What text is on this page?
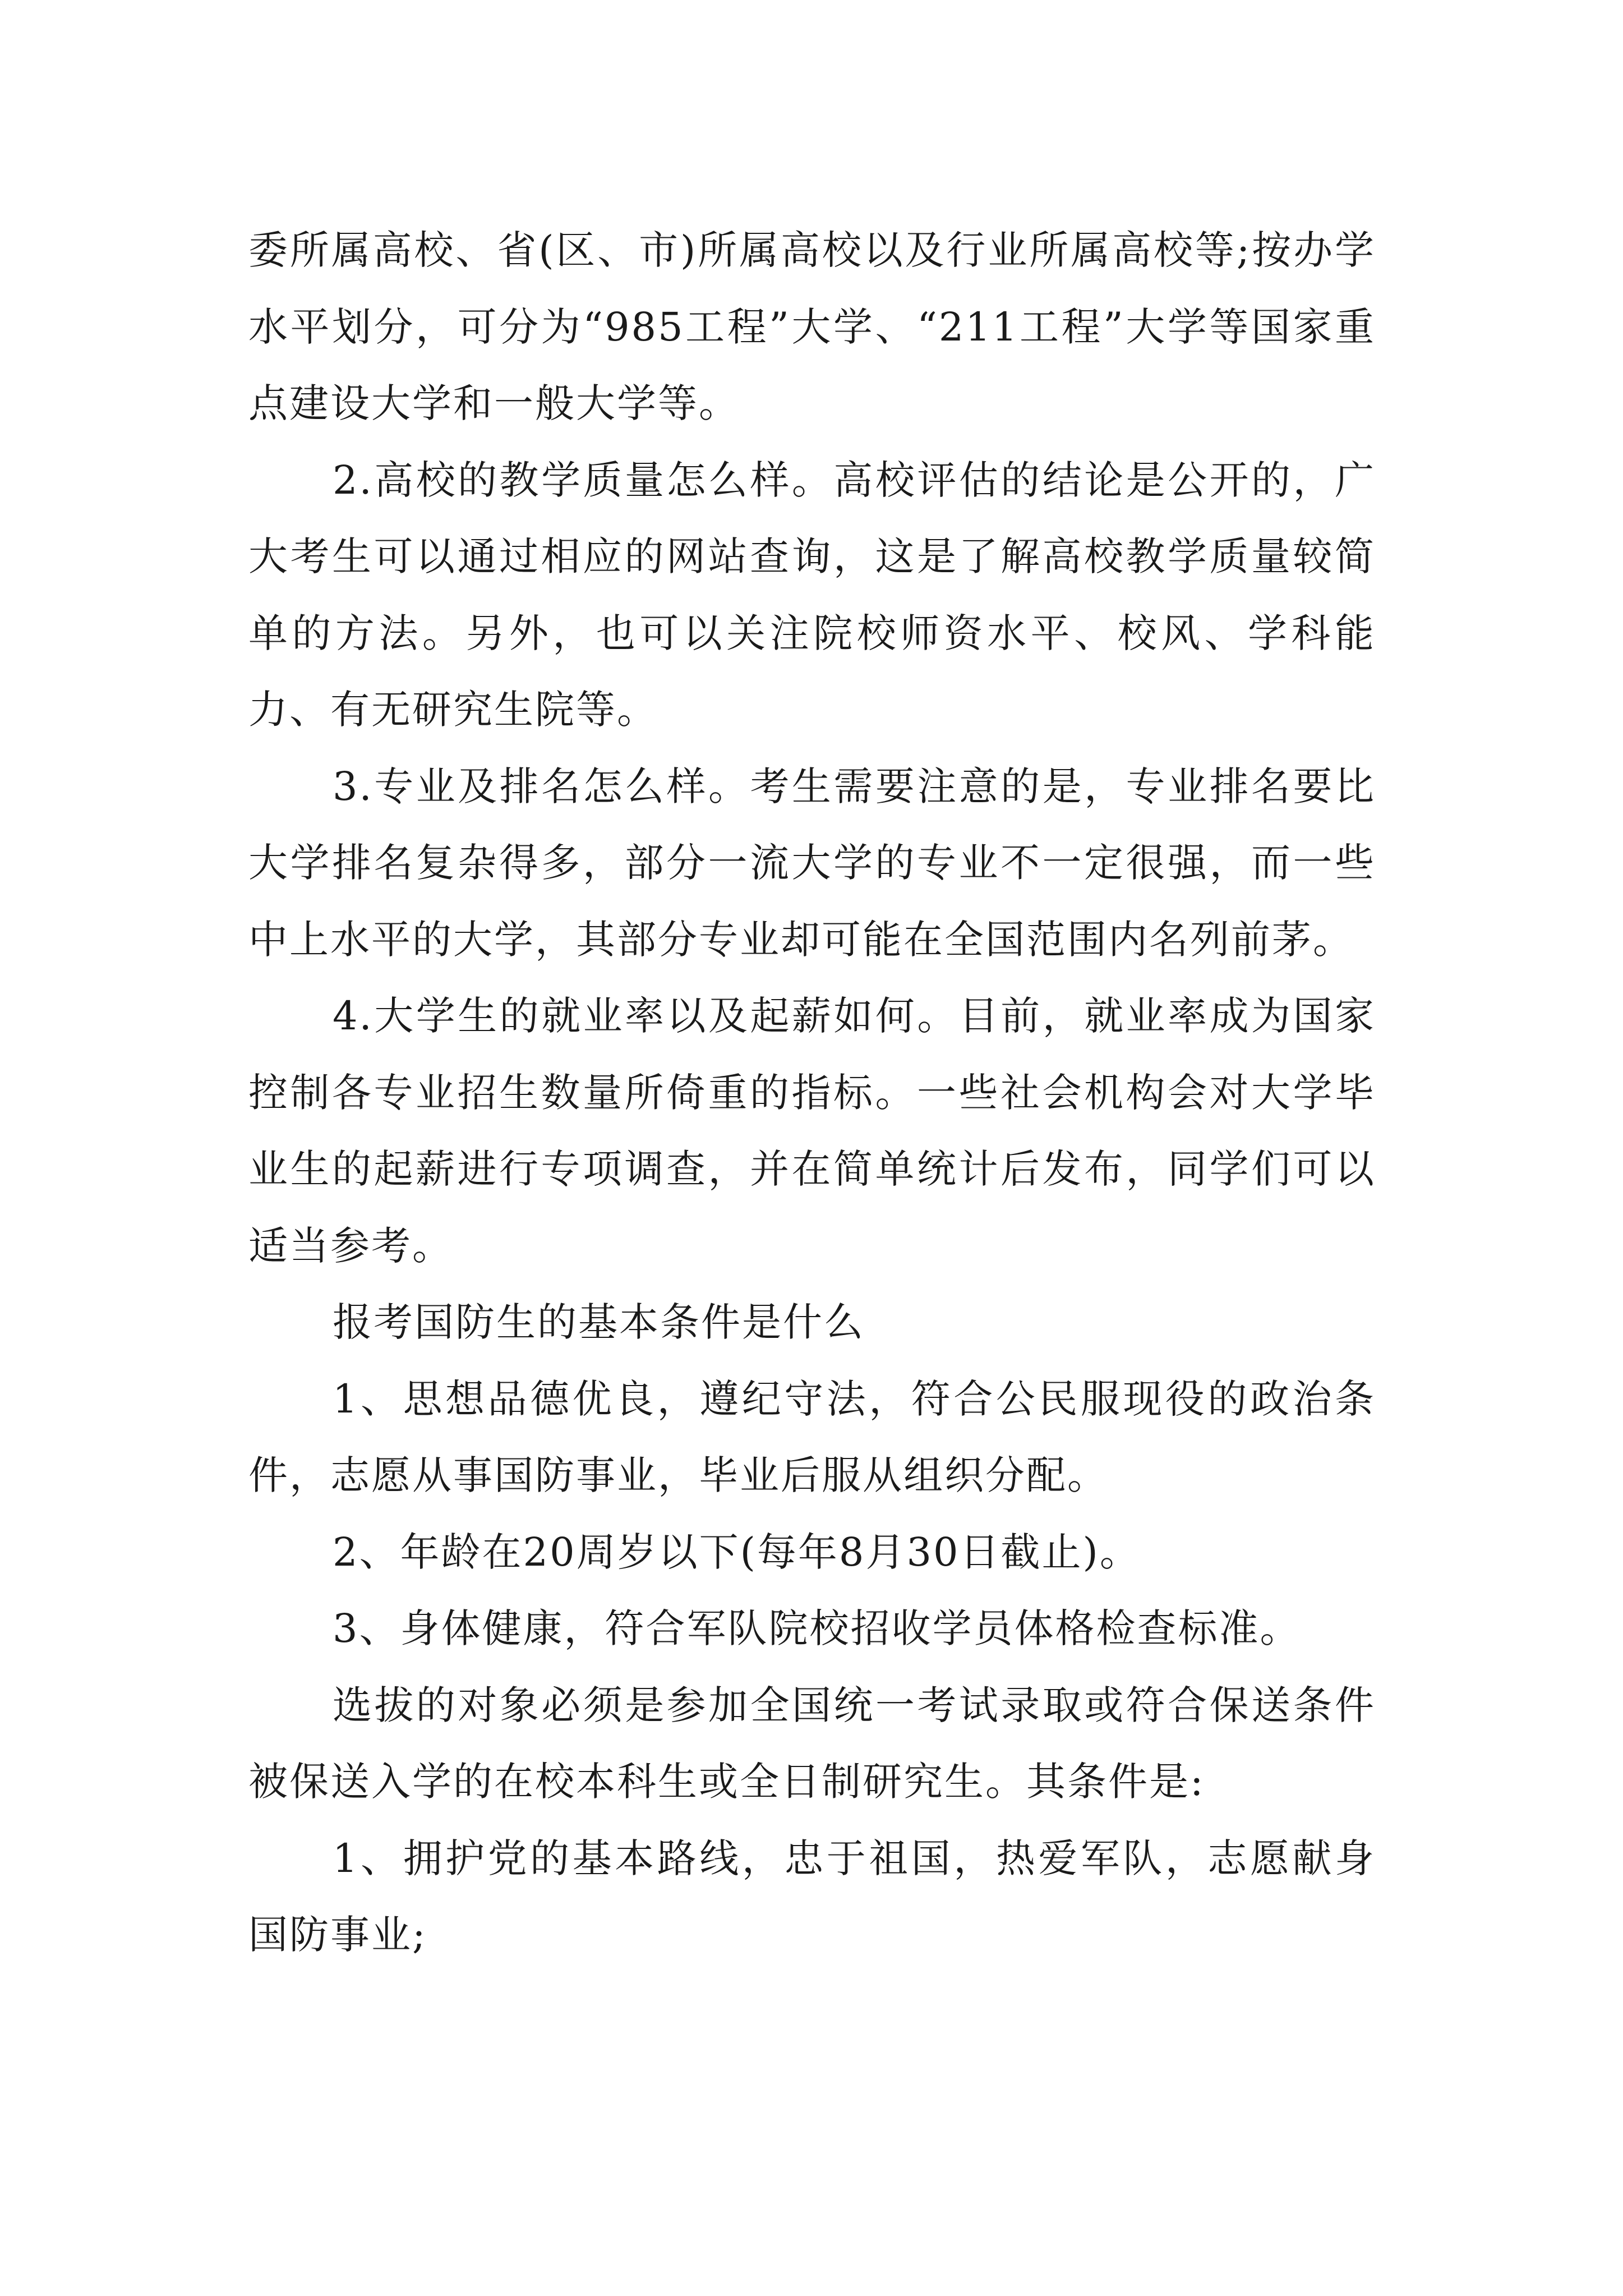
委所属高校、省(区、市)所属高校以及行业所属高校等;按办学水平划分，可分为“985工程”大学、“211工程”大学等国家重点建设大学和一般大学等。

2.高校的教学质量怎么样。高校评估的结论是公开的，广大考生可以通过相应的网站查询，这是了解高校教学质量较简单的方法。另外，也可以关注院校师资水平、校风、学科能力、有无研究生院等。

3.专业及排名怎么样。考生需要注意的是，专业排名要比大学排名复杂得多，部分一流大学的专业不一定很强，而一些中上水平的大学，其部分专业却可能在全国范围内名列前茅。

4.大学生的就业率以及起薪如何。目前，就业率成为国家控制各专业招生数量所倚重的指标。一些社会机构会对大学毕业生的起薪进行专项调查，并在简单统计后发布，同学们可以适当参考。

报考国防生的基本条件是什么

1、思想品德优良，遵纪守法，符合公民服现役的政治条件，志愿从事国防事业，毕业后服从组织分配。

2、年龄在20周岁以下(每年8月30日截止)。

3、身体健康，符合军队院校招收学员体格检查标准。

选拔的对象必须是参加全国统一考试录取或符合保送条件被保送入学的在校本科生或全日制研究生。其条件是:

1、拥护党的基本路线，忠于祖国，热爱军队，志愿献身国防事业;
